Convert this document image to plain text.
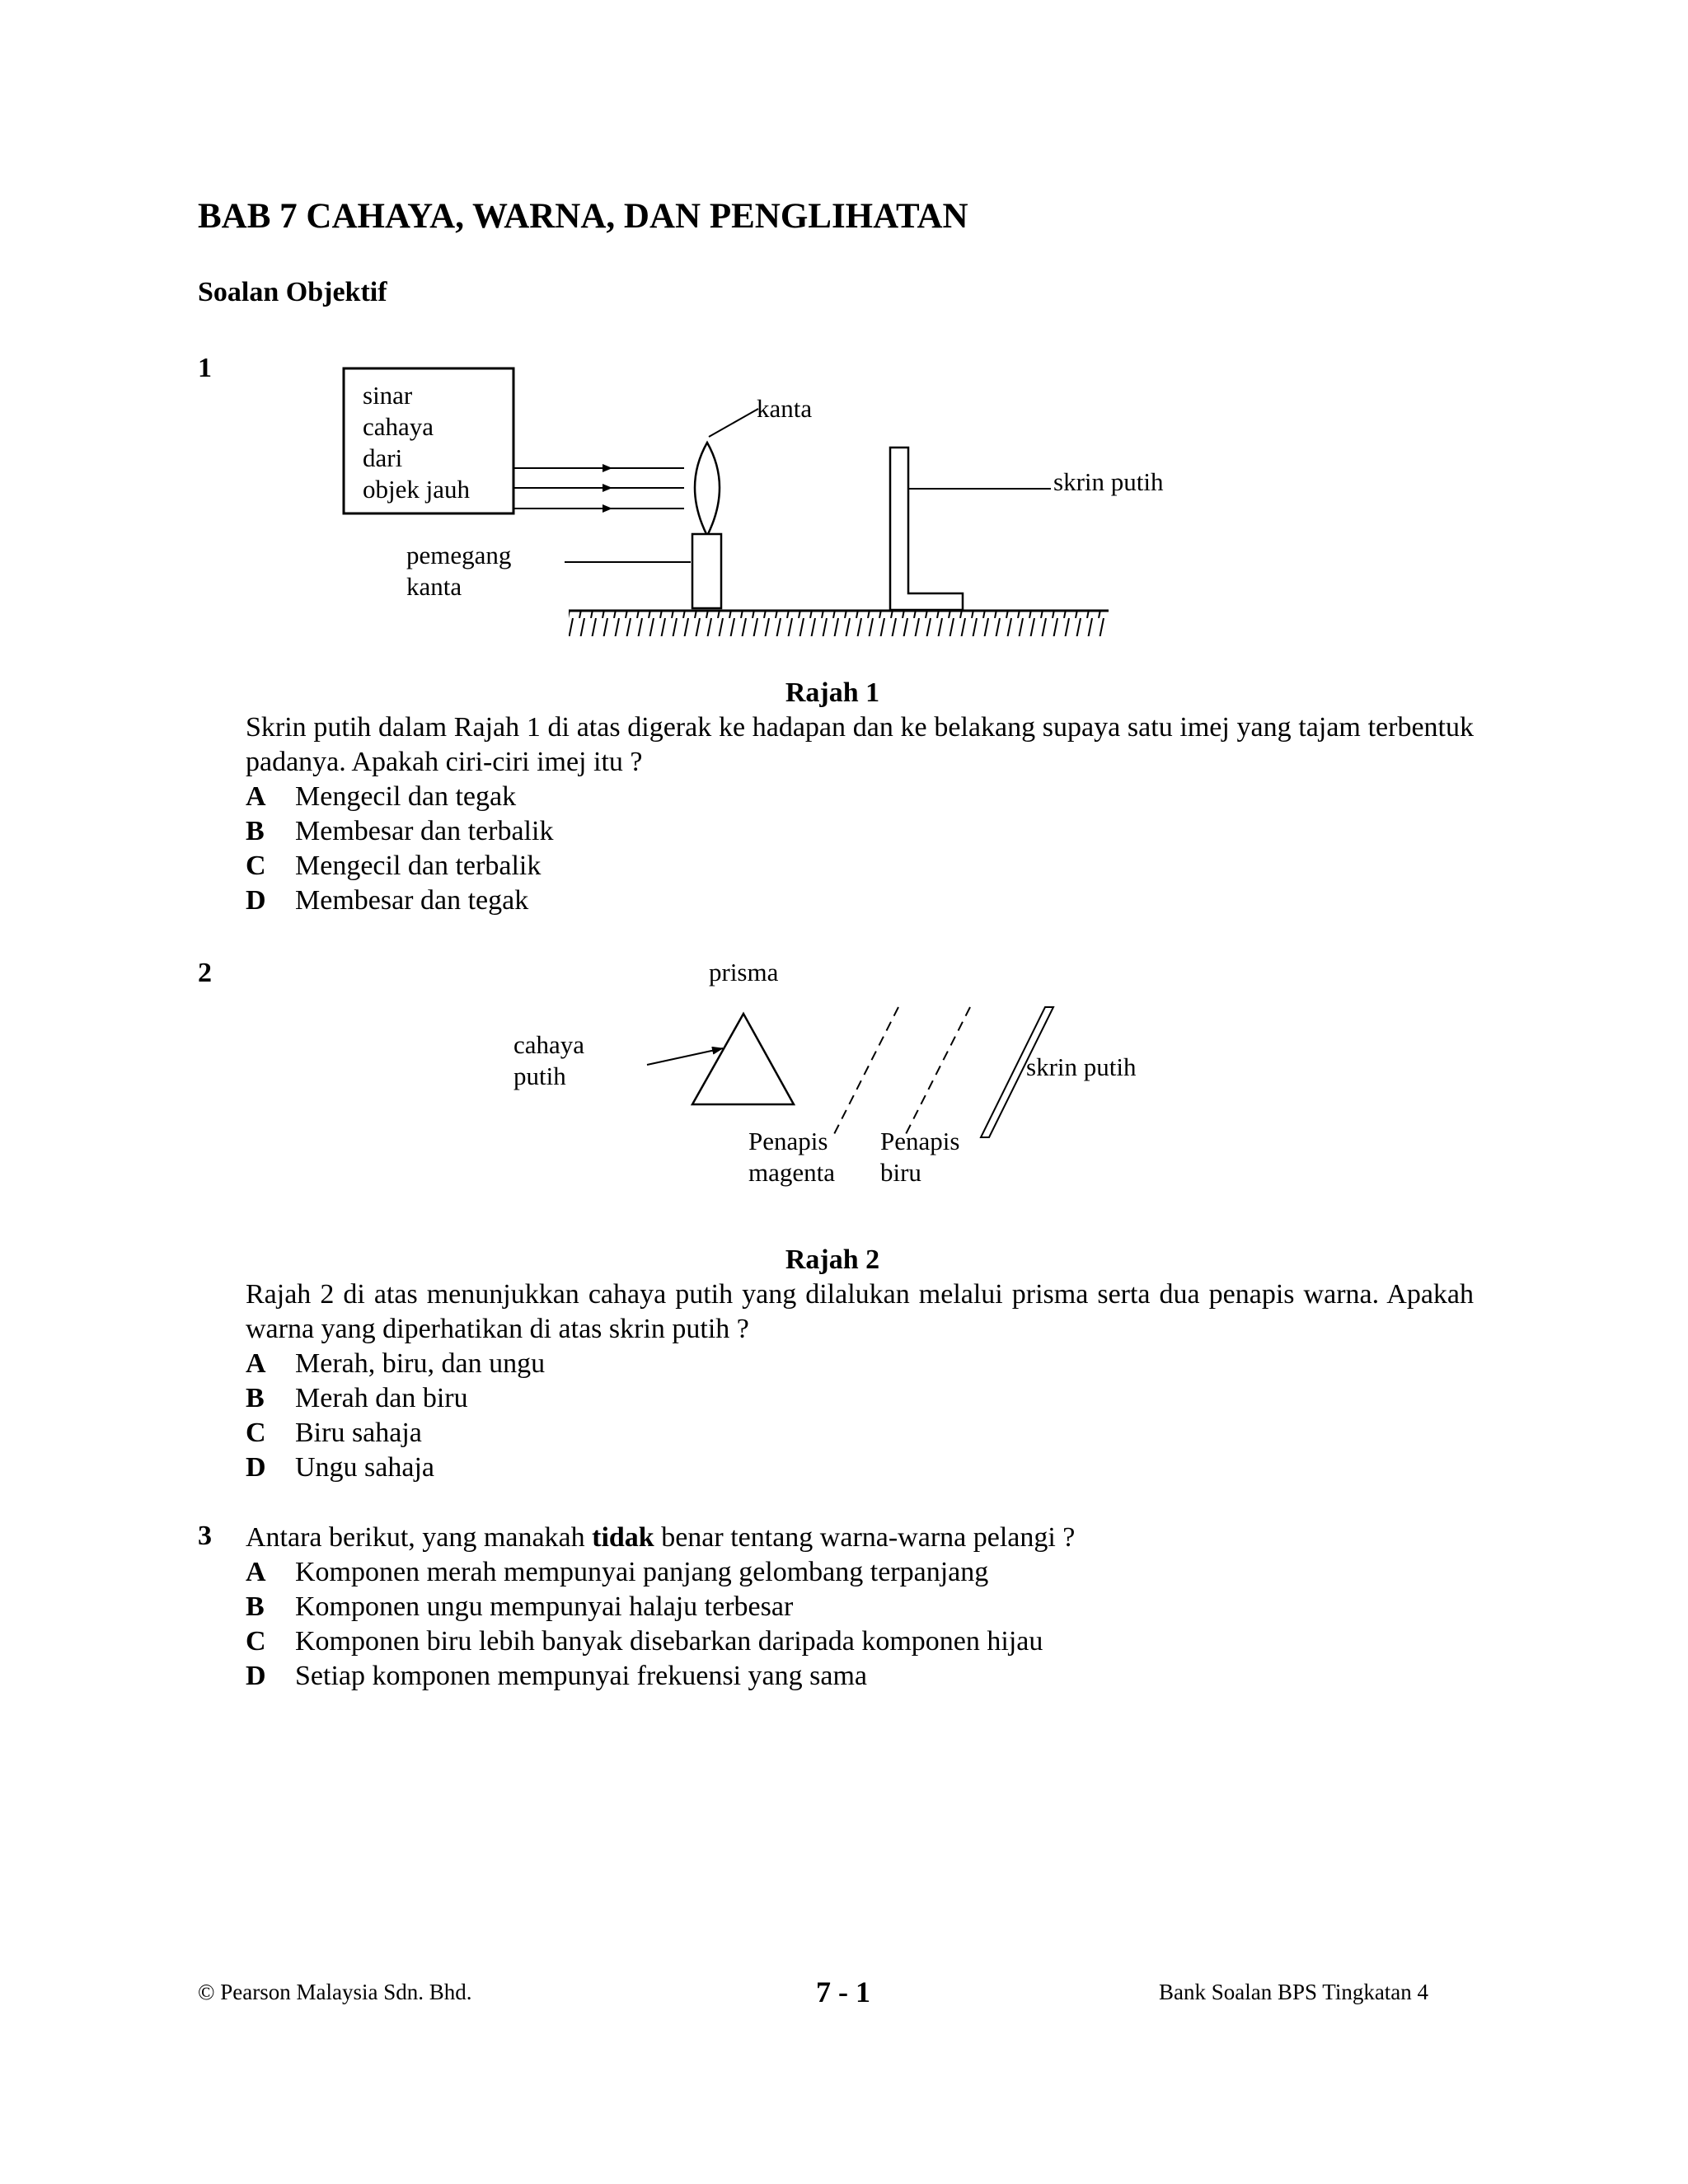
BAB 7 CAHAYA, WARNA, DAN PENGLIHATAN
Soalan Objektif
1
sinar
cahaya
dari
objek jauh
kanta
pemegang
kanta
skrin putih
Rajah 1
Skrin putih dalam Rajah 1 di atas digerak ke hadapan dan ke belakang supaya satu imej yang tajam terbentuk padanya. Apakah ciri-ciri imej itu ?
A	Mengecil dan tegak
B	Membesar dan terbalik
C	Mengecil dan terbalik
D	Membesar dan tegak
2	prisma
cahaya
putih	skrin putih
Penapis
magenta
Penapis
biru
Rajah 2
Rajah 2 di atas menunjukkan cahaya putih yang dilalukan melalui prisma serta dua penapis warna. Apakah warna yang diperhatikan di atas skrin putih ?
A	Merah, biru, dan ungu
B	Merah dan biru
C	Biru sahaja
D	Ungu sahaja
3 Antara berikut, yang manakah tidak benar tentang warna-warna pelangi ?
A	Komponen merah mempunyai panjang gelombang terpanjang
B	Komponen ungu mempunyai halaju terbesar
C	Komponen biru lebih banyak disebarkan daripada komponen hijau
D	Setiap komponen mempunyai frekuensi yang sama
© Pearson Malaysia Sdn. Bhd.	7 - 1	Bank Soalan BPS Tingkatan 4
